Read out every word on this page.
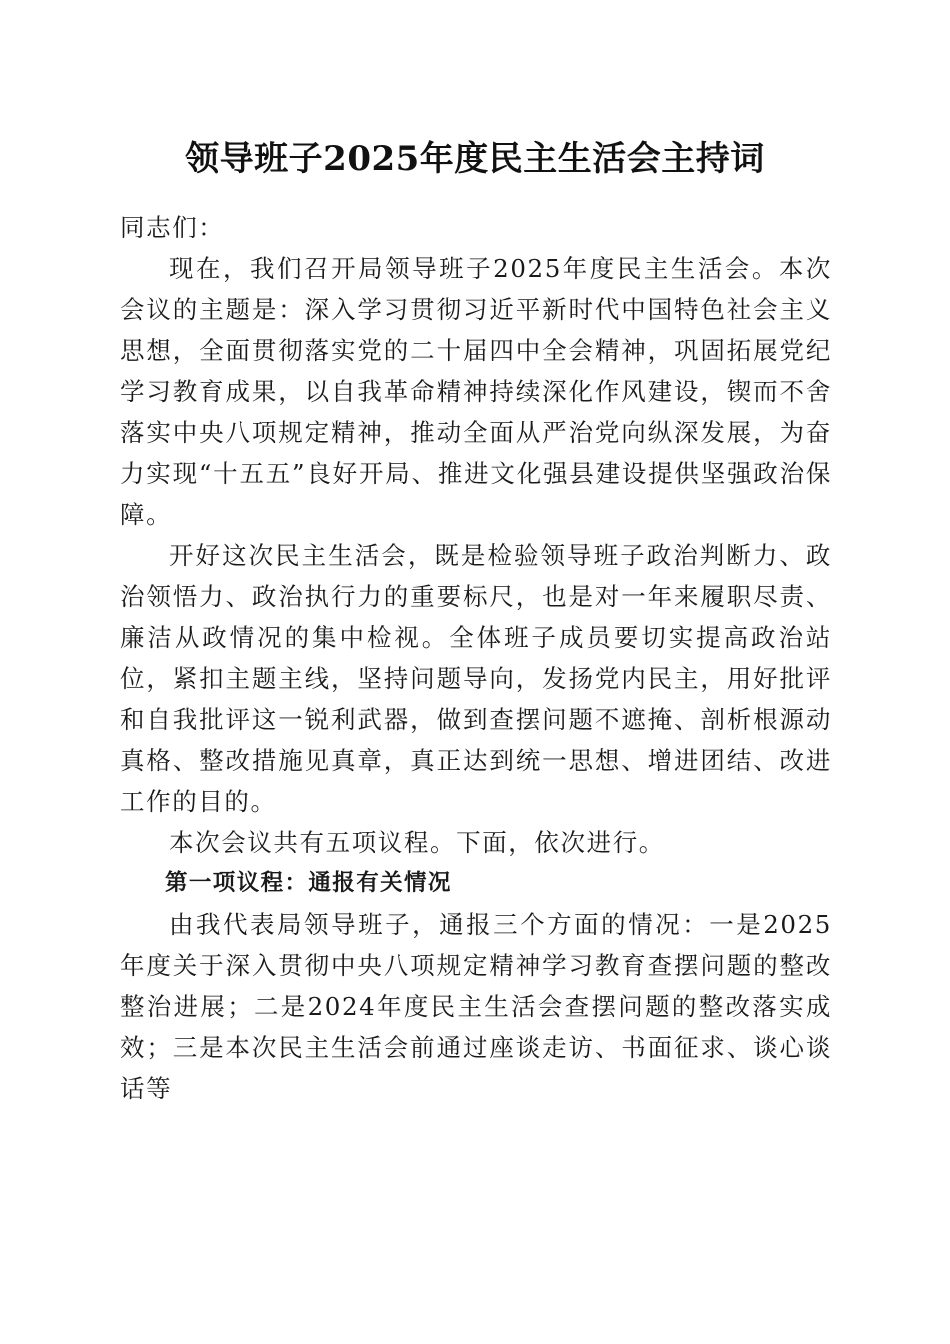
领导班子2025年度民主生活会主持词

同志们：

现在，我们召开局领导班子2025年度民主生活会。本次会议的主题是：深入学习贯彻习近平新时代中国特色社会主义思想，全面贯彻落实党的二十届四中全会精神，巩固拓展党纪学习教育成果，以自我革命精神持续深化作风建设，锲而不舍落实中央八项规定精神，推动全面从严治党向纵深发展，为奋力实现“十五五”良好开局、推进文化强县建设提供坚强政治保障。

开好这次民主生活会，既是检验领导班子政治判断力、政治领悟力、政治执行力的重要标尺，也是对一年来履职尽责、廉洁从政情况的集中检视。全体班子成员要切实提高政治站位，紧扣主题主线，坚持问题导向，发扬党内民主，用好批评和自我批评这一锐利武器，做到查摆问题不遮掩、剖析根源动真格、整改措施见真章，真正达到统一思想、增进团结、改进工作的目的。

本次会议共有五项议程。下面，依次进行。

第一项议程：通报有关情况

由我代表局领导班子，通报三个方面的情况：一是2025年度关于深入贯彻中央八项规定精神学习教育查摆问题的整改整治进展；二是2024年度民主生活会查摆问题的整改落实成效；三是本次民主生活会前通过座谈走访、书面征求、谈心谈话等
